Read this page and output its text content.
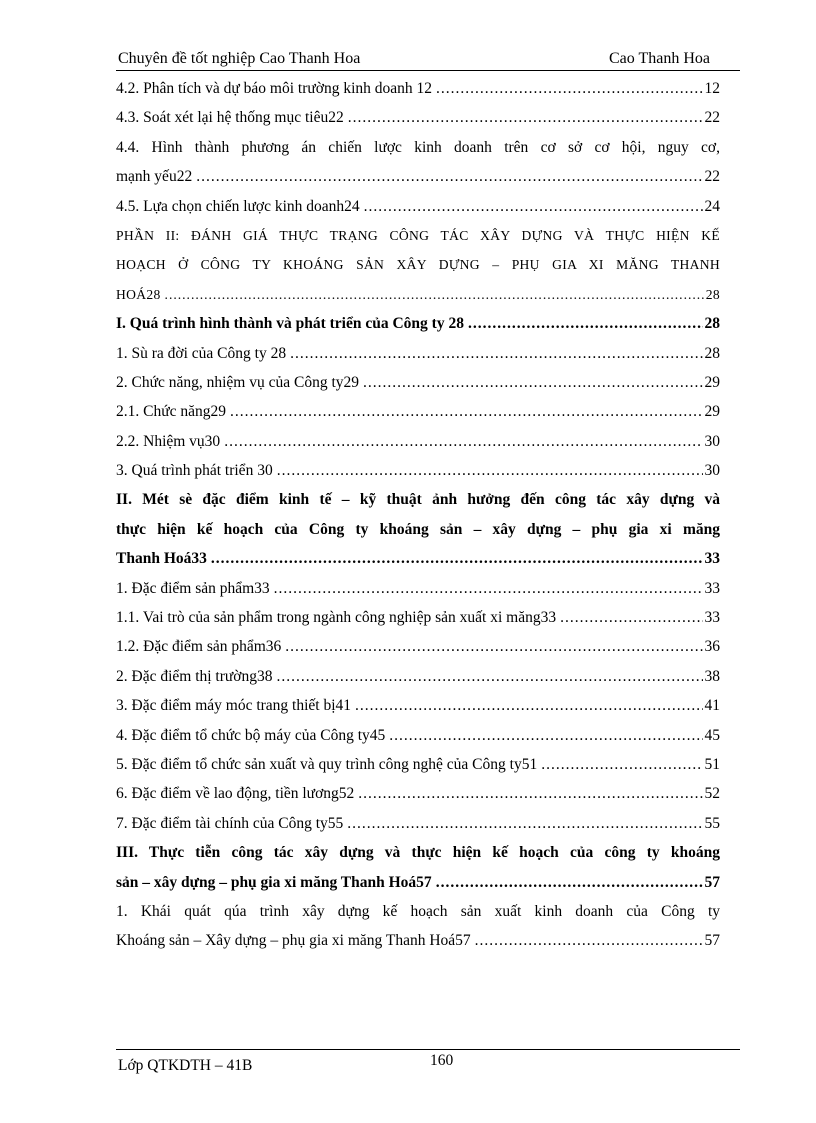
Chuyên đề tốt nghiệp Cao Thanh Hoa	Cao Thanh Hoa
4.2. Phân tích và dự báo môi trường kinh doanh 12 .....	12
4.3. Soát xét lại hệ thống mục tiêu22 .....	22
4.4. Hình thành phương án chiến lược kinh doanh trên cơ sở cơ hội, nguy cơ,
mạnh yếu22 .....	22
4.5. Lựa chọn chiến lược kinh doanh24 .....	24
PHẦN II: ĐÁNH GIÁ THỰC TRẠNG CÔNG TÁC XÂY DỰNG VÀ THỰC HIỆN KẾ
HOẠCH Ở CÔNG TY KHOÁNG SẢN XÂY DỰNG – PHỤ GIA XI MĂNG THANH
HOÁ28 .....	28
I. Quá trình hình thành và phát triển của Công ty 28 .....	28
1. Sù ra đời của Công ty 28 .....	28
2. Chức năng, nhiệm vụ của Công ty29 .....	29
2.1. Chức năng29 .....	29
2.2. Nhiệm vụ30 .....	30
3. Quá trình phát triển 30 .....	30
II. Mét sè đặc điểm kinh tế – kỹ thuật ảnh hưởng đến công tác xây dựng và
thực hiện kế hoạch của Công ty khoáng sản – xây dựng – phụ gia xi măng
Thanh Hoá33 .....	33
1. Đặc điểm sản phẩm33 .....	33
1.1. Vai trò của sản phẩm trong ngành công nghiệp sản xuất xi măng33 .....	33
1.2. Đặc điểm sản phẩm36 .....	36
2. Đặc điểm thị trường38 .....	38
3. Đặc điểm máy móc trang thiết bị41 .....	41
4. Đặc điểm tổ chức bộ máy của Công ty45 .....	45
5. Đặc điểm tổ chức sản xuất và quy trình công nghệ của Công ty51 .....	51
6. Đặc điểm về lao động, tiền lương52 .....	52
7. Đặc điểm tài chính của Công ty55 .....	55
III. Thực tiễn công tác xây dựng và thực hiện kế hoạch của công ty khoáng
sản – xây dựng – phụ gia xi măng Thanh Hoá57 .....	57
1. Khái quát qúa trình xây dựng kế hoạch sản xuất kinh doanh của Công ty
Khoáng sản – Xây dựng – phụ gia xi măng Thanh Hoá57 .....	57
Lớp QTKDTH – 41B	160
